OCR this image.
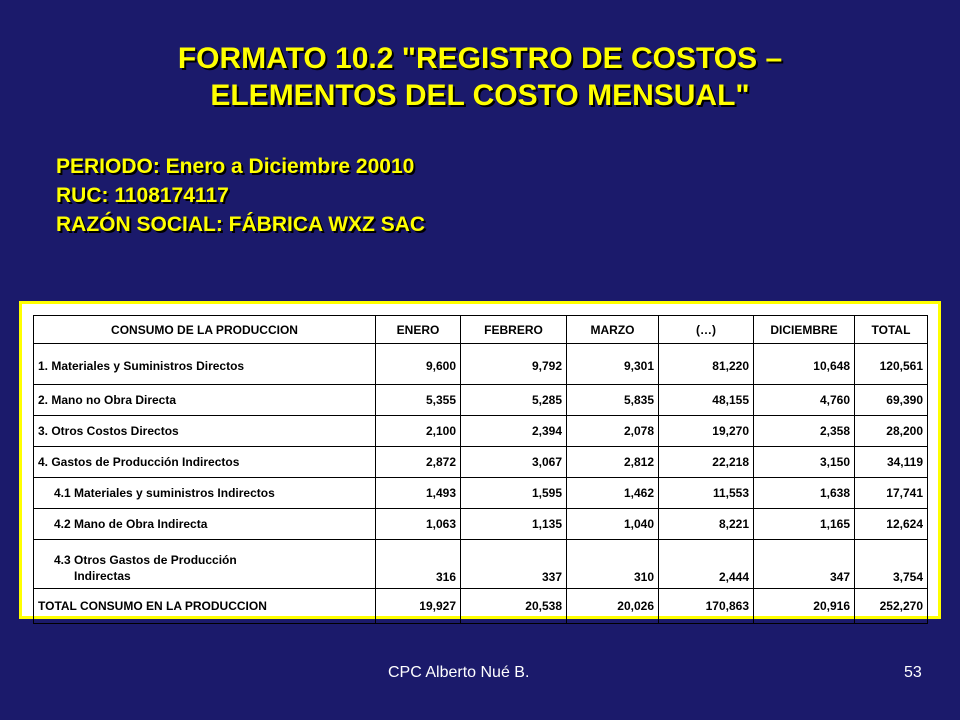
FORMATO 10.2 "REGISTRO DE COSTOS –
ELEMENTOS DEL COSTO MENSUAL"
PERIODO: Enero a Diciembre 20010
RUC: 1108174117
RAZÓN SOCIAL: FÁBRICA WXZ SAC
CONSUMO DE LA PRODUCCION	ENERO	FEBRERO	MARZO	(…)	DICIEMBRE	TOTAL
1. Materiales y Suministros Directos	9,600	9,792	9,301	81,220	10,648	120,561
2. Mano no Obra Directa	5,355	5,285	5,835	48,155	4,760	69,390
3. Otros Costos Directos	2,100	2,394	2,078	19,270	2,358	28,200
4. Gastos de Producción Indirectos	2,872	3,067	2,812	22,218	3,150	34,119
4.1 Materiales y suministros Indirectos	1,493	1,595	1,462	11,553	1,638	17,741
4.2 Mano de Obra Indirecta	1,063	1,135	1,040	8,221	1,165	12,624
4.3 Otros Gastos de Producción

Indirectas	316	337	310	2,444	347	3,754
TOTAL CONSUMO EN LA PRODUCCION	19,927	20,538	20,026	170,863	20,916	252,270
CPC Alberto Nué B.	53
